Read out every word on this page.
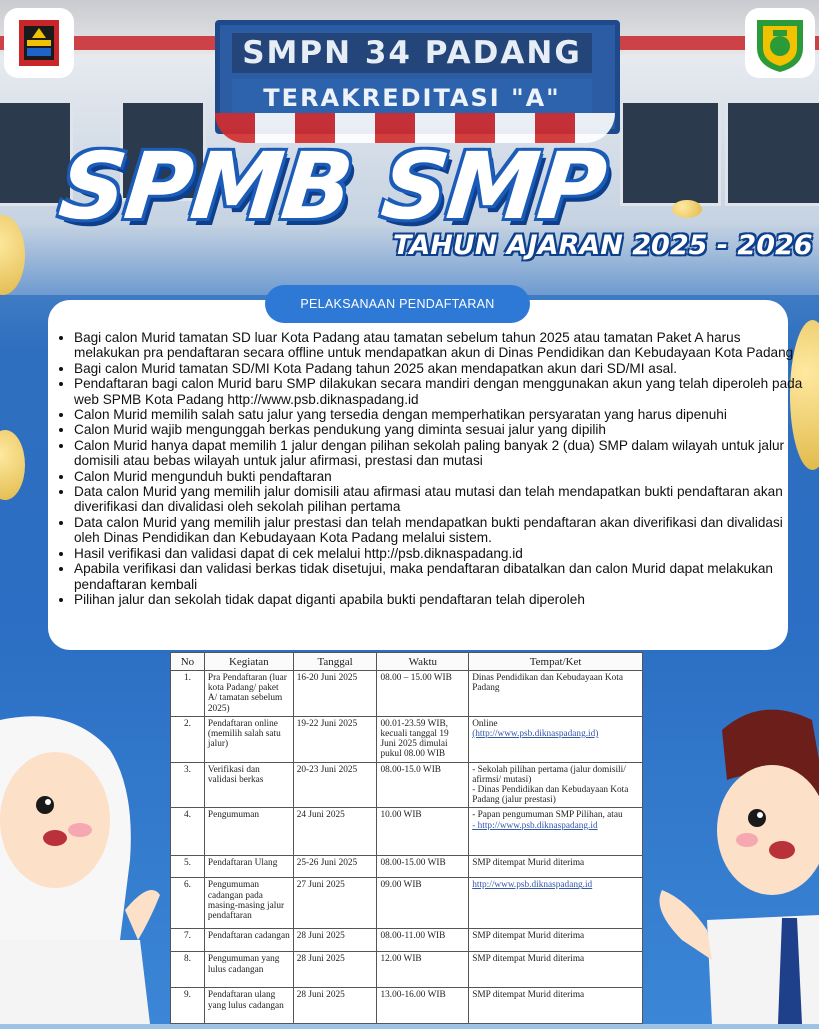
SMPN 34 PADANG
TERAKREDITASI "A"
SPMB SMP
TAHUN AJARAN 2025 - 2026
PELAKSANAAN PENDAFTARAN
• Bagi calon Murid tamatan SD luar Kota Padang atau tamatan sebelum tahun 2025 atau tamatan Paket A harus melakukan pra pendaftaran secara offline untuk mendapatkan akun di Dinas Pendidikan dan Kebudayaan Kota Padang
• Bagi calon Murid tamatan SD/MI Kota Padang tahun 2025 akan mendapatkan akun dari SD/MI asal.
• Pendaftaran bagi calon Murid baru SMP dilakukan secara mandiri dengan menggunakan akun yang telah diperoleh pada web SPMB Kota Padang http://www.psb.diknaspadang.id
• Calon Murid memilih salah satu jalur yang tersedia dengan memperhatikan persyaratan yang harus dipenuhi
• Calon Murid wajib mengunggah berkas pendukung yang diminta sesuai jalur yang dipilih
• Calon Murid hanya dapat memilih 1 jalur dengan pilihan sekolah paling banyak 2 (dua) SMP dalam wilayah untuk jalur domisili atau bebas wilayah untuk jalur afirmasi, prestasi dan mutasi
• Calon Murid mengunduh bukti pendaftaran
• Data calon Murid yang memilih jalur domisili atau afirmasi atau mutasi dan telah mendapatkan bukti pendaftaran akan diverifikasi dan divalidasi oleh sekolah pilihan pertama
• Data calon Murid yang memilih jalur prestasi dan telah mendapatkan bukti pendaftaran akan diverifikasi dan divalidasi oleh Dinas Pendidikan dan Kebudayaan Kota Padang melalui sistem.
• Hasil verifikasi dan validasi dapat di cek melalui http://psb.diknaspadang.id
• Apabila verifikasi dan validasi berkas tidak disetujui, maka pendaftaran dibatalkan dan calon Murid dapat melakukan pendaftaran kembali
• Pilihan jalur dan sekolah tidak dapat diganti apabila bukti pendaftaran telah diperoleh
No	Kegiatan	Tanggal	Waktu	Tempat/Ket
1.	Pra Pendaftaran (luar kota Padang/ paket A/ tamatan sebelum 2025)	16-20 Juni 2025	08.00 – 15.00 WIB	Dinas Pendidikan dan Kebudayaan Kota Padang

2.	Pendaftaran online (memilih salah satu jalur)	19-22 Juni 2025	00.01-23.59 WIB, kecuali tanggal 19 Juni 2025 dimulai pukul 08.00 WIB	Online
(http://www.psb.diknaspadang.id)

3.	Verifikasi dan validasi berkas	20-23 Juni 2025	08.00-15.0 WIB	- Sekolah pilihan pertama (jalur domisili/ afirmsi/ mutasi)
- Dinas Pendidikan dan Kebudayaan Kota Padang (jalur prestasi)

4.	Pengumuman	24 Juni 2025	10.00 WIB	- Papan pengumuman SMP Pilihan, atau
- http://www.psb.diknaspadang.id

5.	Pendaftaran Ulang	25-26 Juni 2025	08.00-15.00 WIB	SMP ditempat Murid diterima

6.	Pengumuman cadangan pada masing-masing jalur pendaftaran	27 Juni 2025	09.00 WIB	http://www.psb.diknaspadang.id

7.	Pendaftaran cadangan	28 Juni 2025	08.00-11.00 WIB	SMP ditempat Murid diterima

8.	Pengumuman yang lulus cadangan	28 Juni 2025	12.00 WIB	SMP ditempat Murid diterima

9.	Pendaftaran ulang yang lulus cadangan	28 Juni 2025	13.00-16.00 WIB	SMP ditempat Murid diterima
